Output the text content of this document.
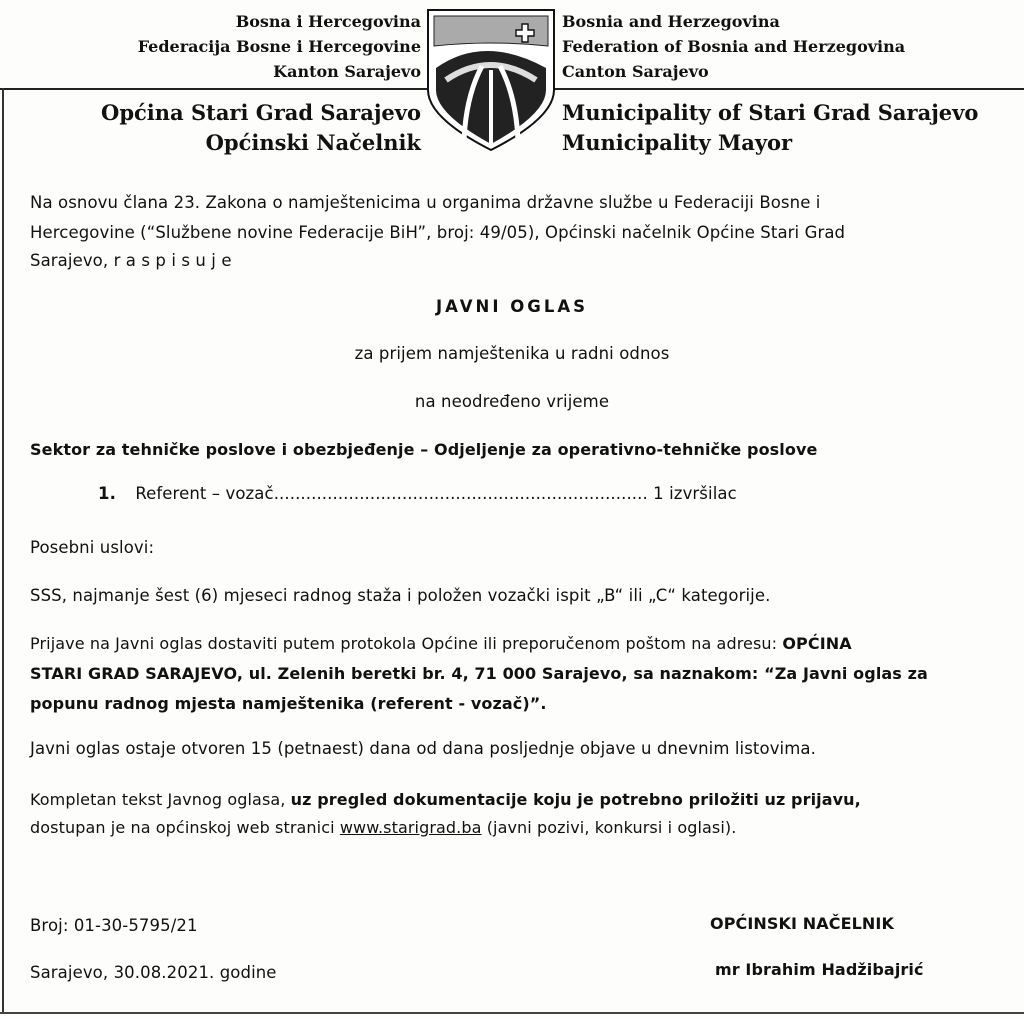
Bosna i Hercegovina
Federacija Bosne i Hercegovine
Kanton Sarajevo
Općina Stari Grad Sarajevo
Općinski Načelnik
Bosnia and Herzegovina
Federation of Bosnia and Herzegovina
Canton Sarajevo
Municipality of Stari Grad Sarajevo
Municipality Mayor
Na osnovu člana 23. Zakona o namještenicima u organima državne službe u Federaciji Bosne i
Hercegovine (“Službene novine Federacije BiH”, broj: 49/05), Općinski načelnik Općine Stari Grad
Sarajevo, r a s p i s u j e
JAVNI OGLAS
za prijem namještenika u radni odnos
na neodređeno vrijeme
Sektor za tehničke poslove i obezbjeđenje – Odjeljenje za operativno-tehničke poslove
1. Referent – vozač...................................................................... 1 izvršilac
Posebni uslovi:
SSS, najmanje šest (6) mjeseci radnog staža i položen vozački ispit „B“ ili „C“ kategorije.
Prijave na Javni oglas dostaviti putem protokola Općine ili preporučenom poštom na adresu: OPĆINA
STARI GRAD SARAJEVO, ul. Zelenih beretki br. 4, 71 000 Sarajevo, sa naznakom: “Za Javni oglas za
popunu radnog mjesta namještenika (referent - vozač)”.
Javni oglas ostaje otvoren 15 (petnaest) dana od dana posljednje objave u dnevnim listovima.
Kompletan tekst Javnog oglasa, uz pregled dokumentacije koju je potrebno priložiti uz prijavu,
dostupan je na općinskoj web stranici www.starigrad.ba (javni pozivi, konkursi i oglasi).
Broj: 01-30-5795/21
Sarajevo, 30.08.2021. godine
OPĆINSKI NAČELNIK
mr Ibrahim Hadžibajrić
